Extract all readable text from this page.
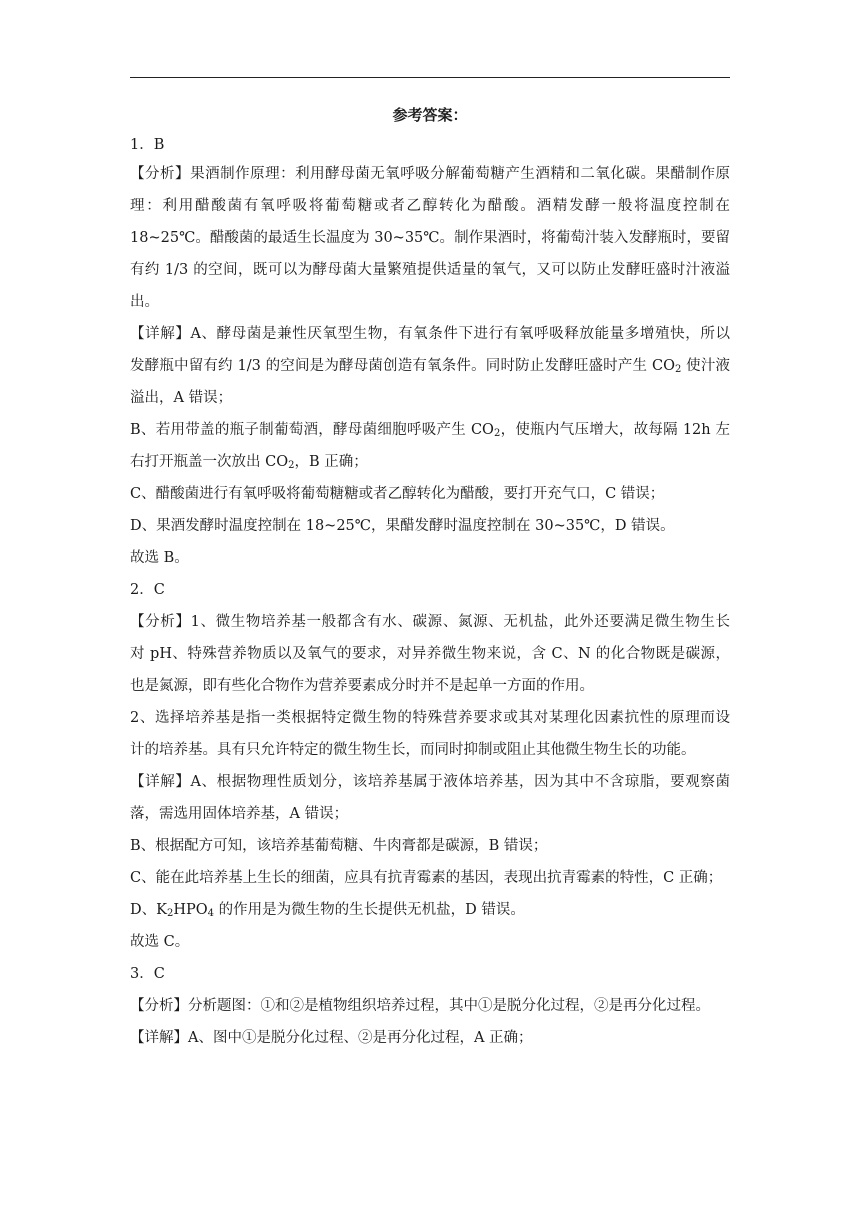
参考答案：
1．B
【分析】果酒制作原理：利用酵母菌无氧呼吸分解葡萄糖产生酒精和二氧化碳。果醋制作原
理：利用醋酸菌有氧呼吸将葡萄糖或者乙醇转化为醋酸。酒精发酵一般将温度控制在
18~25℃。醋酸菌的最适生长温度为 30~35℃。制作果酒时，将葡萄汁装入发酵瓶时，要留
有约 1/3 的空间，既可以为酵母菌大量繁殖提供适量的氧气，又可以防止发酵旺盛时汁液溢
出。
【详解】A、酵母菌是兼性厌氧型生物，有氧条件下进行有氧呼吸释放能量多增殖快，所以
发酵瓶中留有约 1/3 的空间是为酵母菌创造有氧条件。同时防止发酵旺盛时产生 $CO_2$ 使汁液
溢出，A 错误；
B、若用带盖的瓶子制葡萄酒，酵母菌细胞呼吸产生 $CO_2$，使瓶内气压增大，故每隔 12h 左
右打开瓶盖一次放出 $CO_2$，B 正确；
C、醋酸菌进行有氧呼吸将葡萄糖糖或者乙醇转化为醋酸，要打开充气口，C 错误；
D、果酒发酵时温度控制在 18~25℃，果醋发酵时温度控制在 30~35℃，D 错误。
故选 B。
2．C
【分析】1、微生物培养基一般都含有水、碳源、氮源、无机盐，此外还要满足微生物生长
对 pH、特殊营养物质以及氧气的要求，对异养微生物来说，含 C、N 的化合物既是碳源，
也是氮源，即有些化合物作为营养要素成分时并不是起单一方面的作用。
2、选择培养基是指一类根据特定微生物的特殊营养要求或其对某理化因素抗性的原理而设
计的培养基。具有只允许特定的微生物生长，而同时抑制或阻止其他微生物生长的功能。
【详解】A、根据物理性质划分，该培养基属于液体培养基，因为其中不含琼脂，要观察菌
落，需选用固体培养基，A 错误；
B、根据配方可知，该培养基葡萄糖、牛肉膏都是碳源，B 错误；
C、能在此培养基上生长的细菌，应具有抗青霉素的基因，表现出抗青霉素的特性，C 正确；
D、$K_2HPO_4$ 的作用是为微生物的生长提供无机盐，D 错误。
故选 C。
3．C
【分析】分析题图：①和②是植物组织培养过程，其中①是脱分化过程，②是再分化过程。
【详解】A、图中①是脱分化过程、②是再分化过程，A 正确；
